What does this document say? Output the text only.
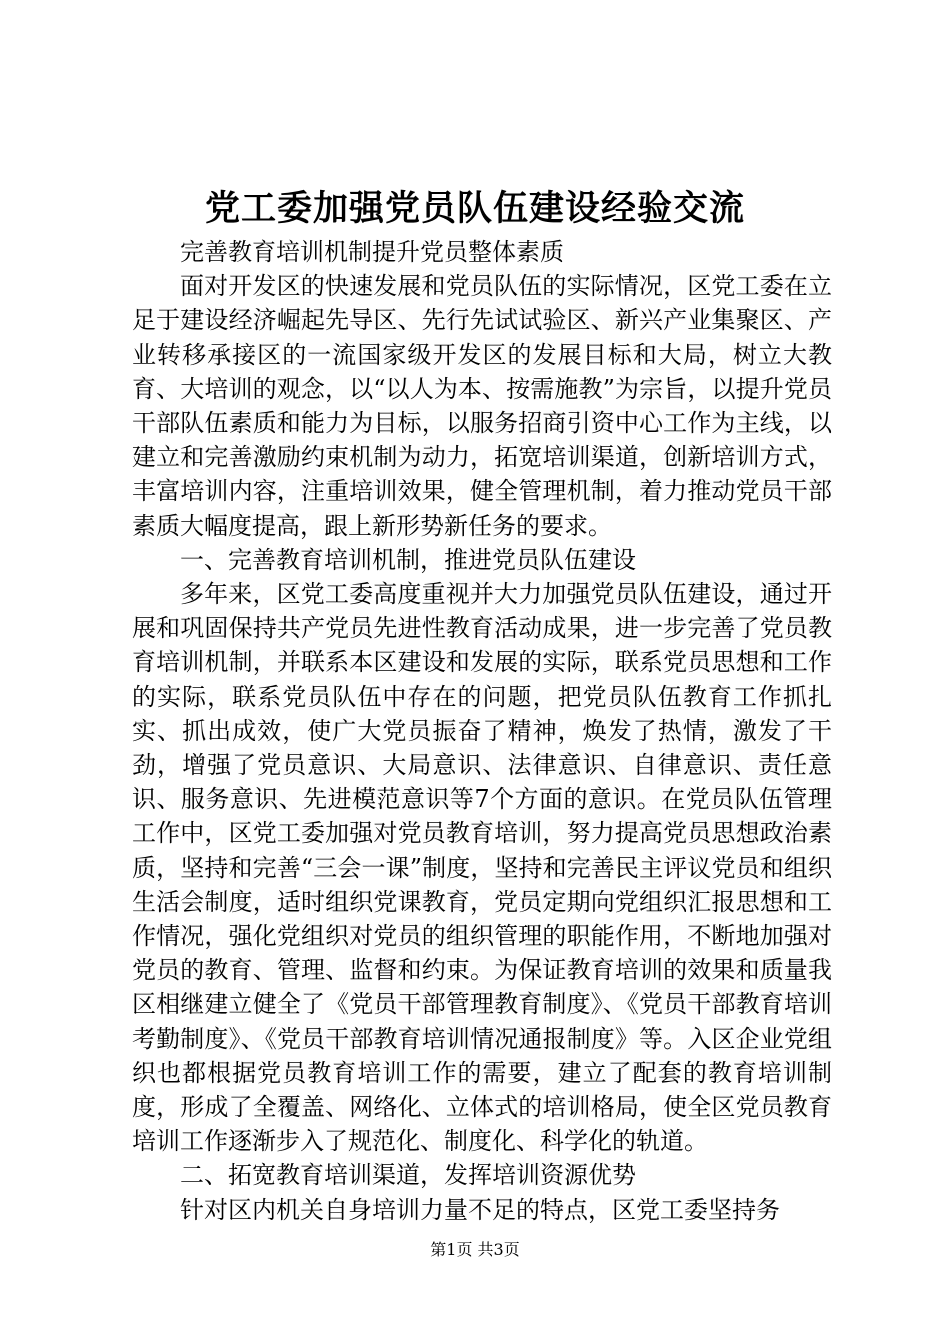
党工委加强党员队伍建设经验交流

完善教育培训机制提升党员整体素质

面对开发区的快速发展和党员队伍的实际情况，区党工委在立足于建设经济崛起先导区、先行先试试验区、新兴产业集聚区、产业转移承接区的一流国家级开发区的发展目标和大局，树立大教育、大培训的观念，以“以人为本、按需施教”为宗旨，以提升党员干部队伍素质和能力为目标，以服务招商引资中心工作为主线，以建立和完善激励约束机制为动力，拓宽培训渠道，创新培训方式，丰富培训内容，注重培训效果，健全管理机制，着力推动党员干部素质大幅度提高，跟上新形势新任务的要求。

一、完善教育培训机制，推进党员队伍建设

多年来，区党工委高度重视并大力加强党员队伍建设，通过开展和巩固保持共产党员先进性教育活动成果，进一步完善了党员教育培训机制，并联系本区建设和发展的实际，联系党员思想和工作的实际，联系党员队伍中存在的问题，把党员队伍教育工作抓扎实、抓出成效，使广大党员振奋了精神，焕发了热情，激发了干劲，增强了党员意识、大局意识、法律意识、自律意识、责任意识、服务意识、先进模范意识等7个方面的意识。在党员队伍管理工作中，区党工委加强对党员教育培训，努力提高党员思想政治素质，坚持和完善“三会一课”制度，坚持和完善民主评议党员和组织生活会制度，适时组织党课教育，党员定期向党组织汇报思想和工作情况，强化党组织对党员的组织管理的职能作用，不断地加强对党员的教育、管理、监督和约束。为保证教育培训的效果和质量我区相继建立健全了《党员干部管理教育制度》、《党员干部教育培训考勤制度》、《党员干部教育培训情况通报制度》等。入区企业党组织也都根据党员教育培训工作的需要，建立了配套的教育培训制度，形成了全覆盖、网络化、立体式的培训格局，使全区党员教育培训工作逐渐步入了规范化、制度化、科学化的轨道。

二、拓宽教育培训渠道，发挥培训资源优势

针对区内机关自身培训力量不足的特点，区党工委坚持务

第1页 共3页
